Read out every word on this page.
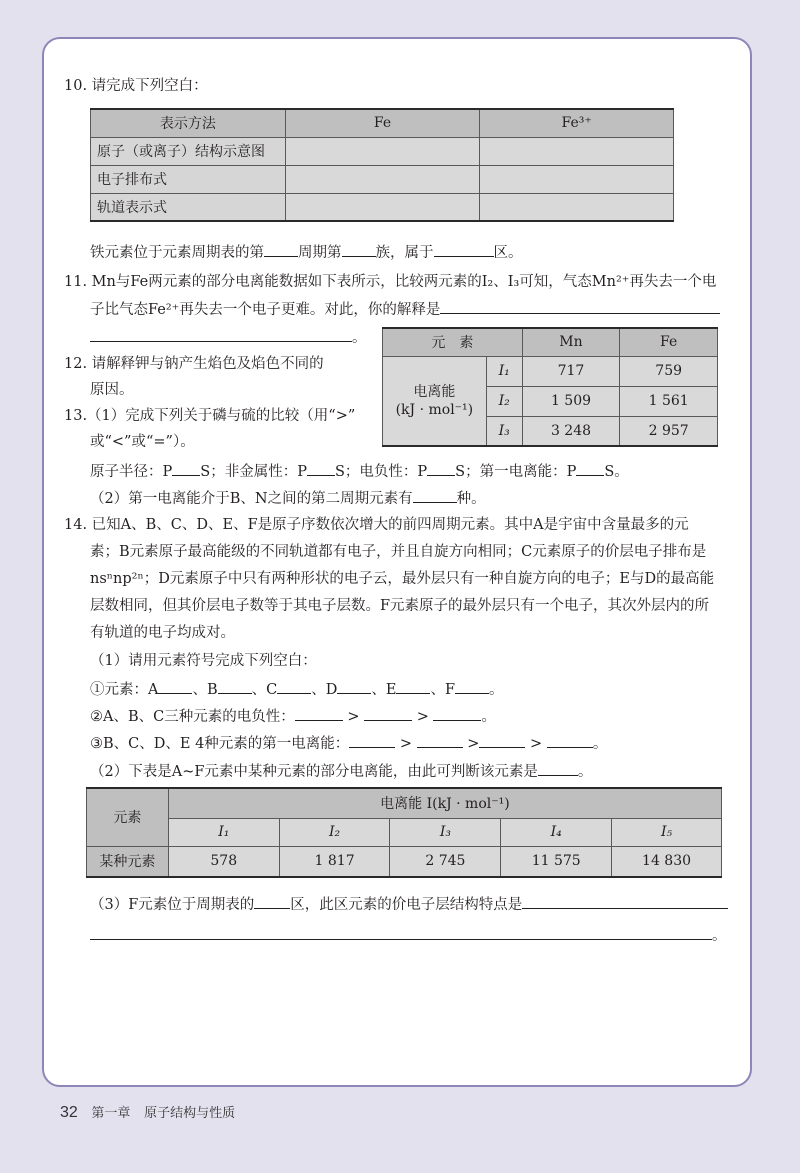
10. 请完成下列空白：
表示方法	Fe	Fe³⁺
原子（或离子）结构示意图		
电子排布式		
轨道表示式		
铁元素位于元素周期表的第 周期第 族，属于	区。
11. Mn与Fe两元素的部分电离能数据如下表所示，比较两元素的I₂、I₃可知，气态Mn²⁺再失去一个电
子比气态Fe²⁺再失去一个电子更难。对此，你的解释是
。	元　素		Mn	Fe

电离能
(kJ · mol⁻¹)	I₁	717	759
	I₂	1 509	1 561
	I₃	3 248	2 957
12. 请解释钾与钠产生焰色及焰色不同的
原因。
13.（1）完成下列关于磷与硫的比较（用“>”
或“<”或“=”）。
原子半径：P S；非金属性：P S；电负性：P S；第一电离能：P S。
（2）第一电离能介于B、N之间的第二周期元素有	种。
14. 已知A、B、C、D、E、F是原子序数依次增大的前四周期元素。其中A是宇宙中含量最多的元
素；B元素原子最高能级的不同轨道都有电子，并且自旋方向相同；C元素原子的价层电子排布是
nsⁿnp²ⁿ；D元素原子中只有两种形状的电子云，最外层只有一种自旋方向的电子；E与D的最高能
层数相同，但其价层电子数等于其电子层数。F元素原子的最外层只有一个电子，其次外层内的所
有轨道的电子均成对。
（1）请用元素符号完成下列空白：
①元素：A 、B 、C 、D 、E 、F 。
②A、B、C三种元素的电负性：	>	>	。
③B、C、D、E 4种元素的第一电离能：	>	>	>	。
（2）下表是A~F元素中某种元素的部分电离能，由此可判断该元素是	。
元素	电离能 I(kJ · mol⁻¹)				
	I₁	I₂	I₃	I₄	I₅
某种元素	578	1 817	2 745	11 575	14 830
（3）F元素位于周期表的 区，此区元素的价电子层结构特点是
。
32 第一章 原子结构与性质
